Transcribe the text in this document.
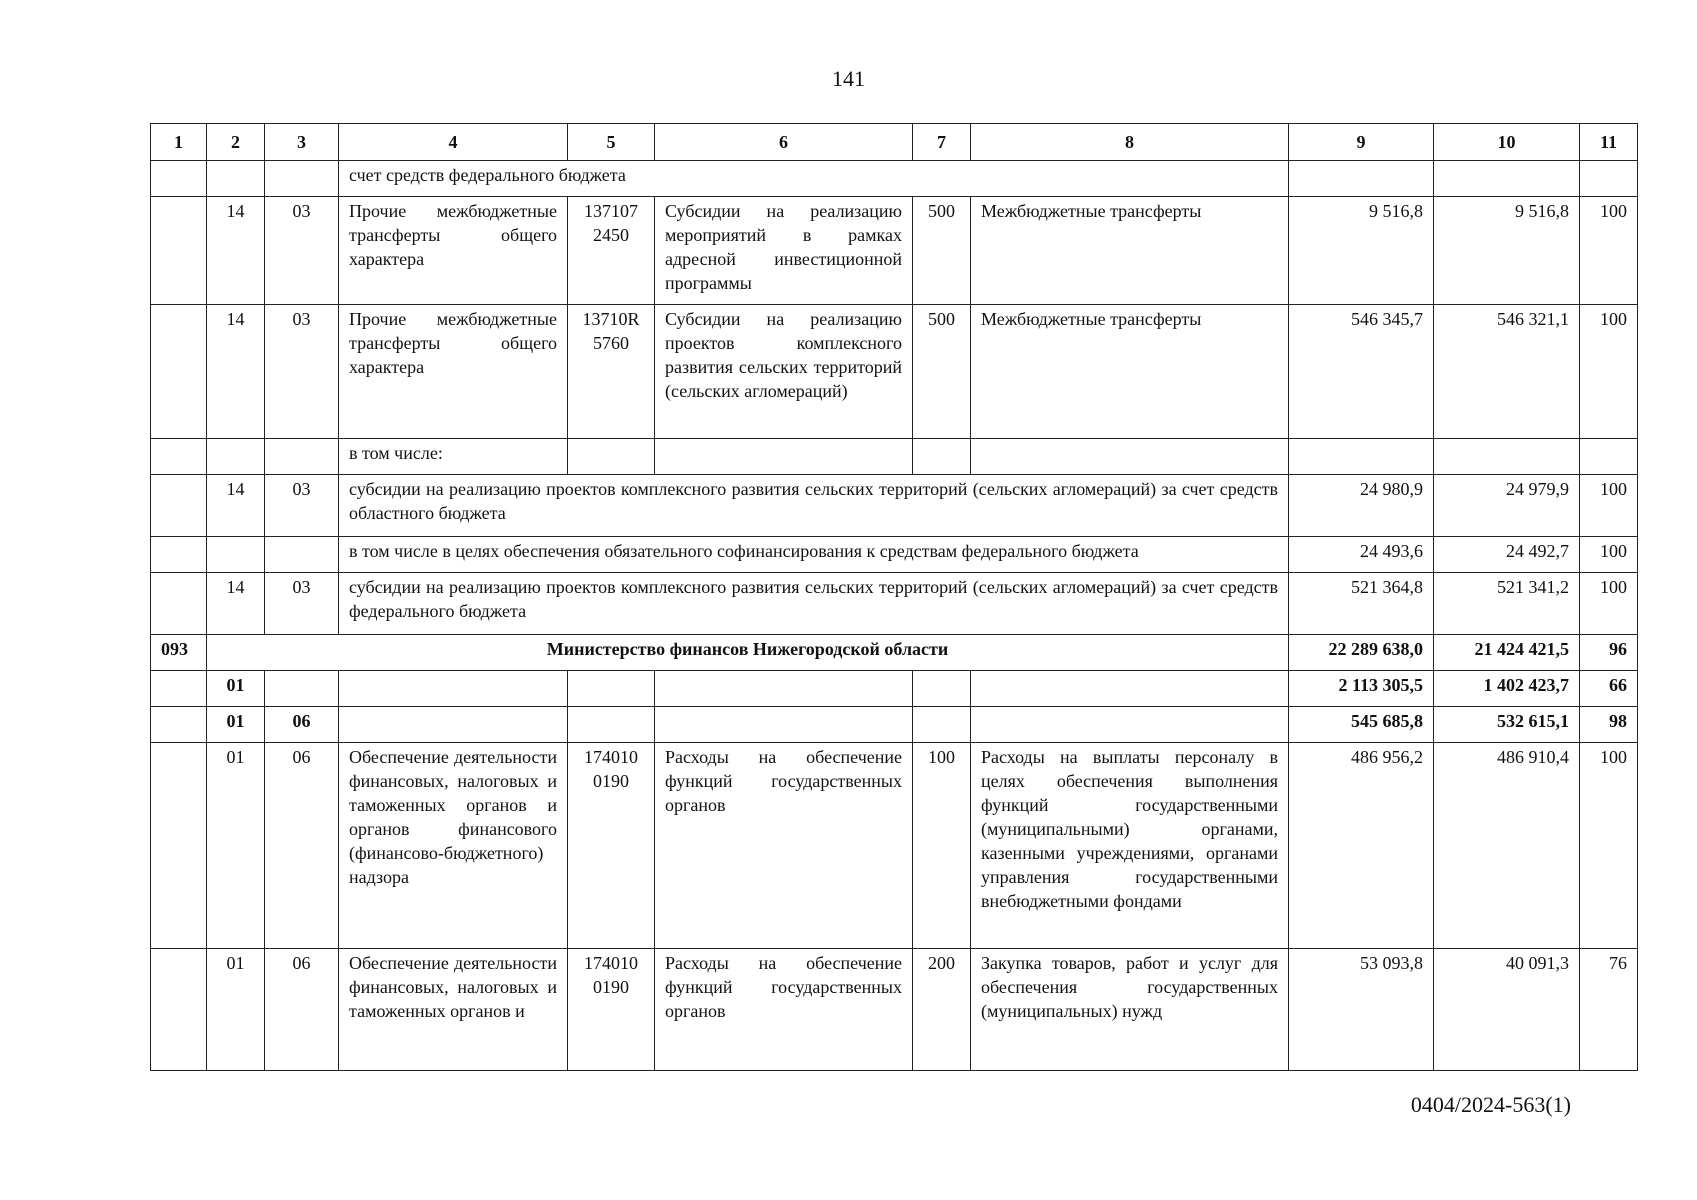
141
1	2	3	4	5	6	7	8	9	10	11
			счет средств федерального бюджета							
	14	03	Прочие межбюджетные трансферты общего характера	137107 2450	Субсидии на реализацию мероприятий в рамках адресной инвестиционной программы	500	Межбюджетные трансферты	9 516,8	9 516,8	100
	14	03	Прочие межбюджетные трансферты общего характера	13710R 5760	Субсидии на реализацию проектов комплексного развития сельских территорий (сельских агломераций)	500	Межбюджетные трансферты	546 345,7	546 321,1	100
			в том числе:							
	14	03	субсидии на реализацию проектов комплексного развития сельских территорий (сельских агломераций) за счет средств областного бюджета					24 980,9	24 979,9	100
			в том числе в целях обеспечения обязательного софинансирования к средствам федерального бюджета					24 493,6	24 492,7	100
	14	03	субсидии на реализацию проектов комплексного развития сельских территорий (сельских агломераций) за счет средств федерального бюджета					521 364,8	521 341,2	100
093	Министерство финансов Нижегородской области							22 289 638,0	21 424 421,5	96
	01							2 113 305,5	1 402 423,7	66
	01	06						545 685,8	532 615,1	98
	01	06	Обеспечение деятельности финансовых, налоговых и таможенных органов и органов финансового (финансово-бюджетного) надзора	174010 0190	Расходы на обеспечение функций государственных органов	100	Расходы на выплаты персоналу в целях обеспечения выполнения функций государственными (муниципальными) органами, казенными учреждениями, органами управления государственными внебюджетными фондами	486 956,2	486 910,4	100
	01	06	Обеспечение деятельности финансовых, налоговых и таможенных органов и	174010 0190	Расходы на обеспечение функций государственных органов	200	Закупка товаров, работ и услуг для обеспечения государственных (муниципальных) нужд	53 093,8	40 091,3	76
0404/2024-563(1)
